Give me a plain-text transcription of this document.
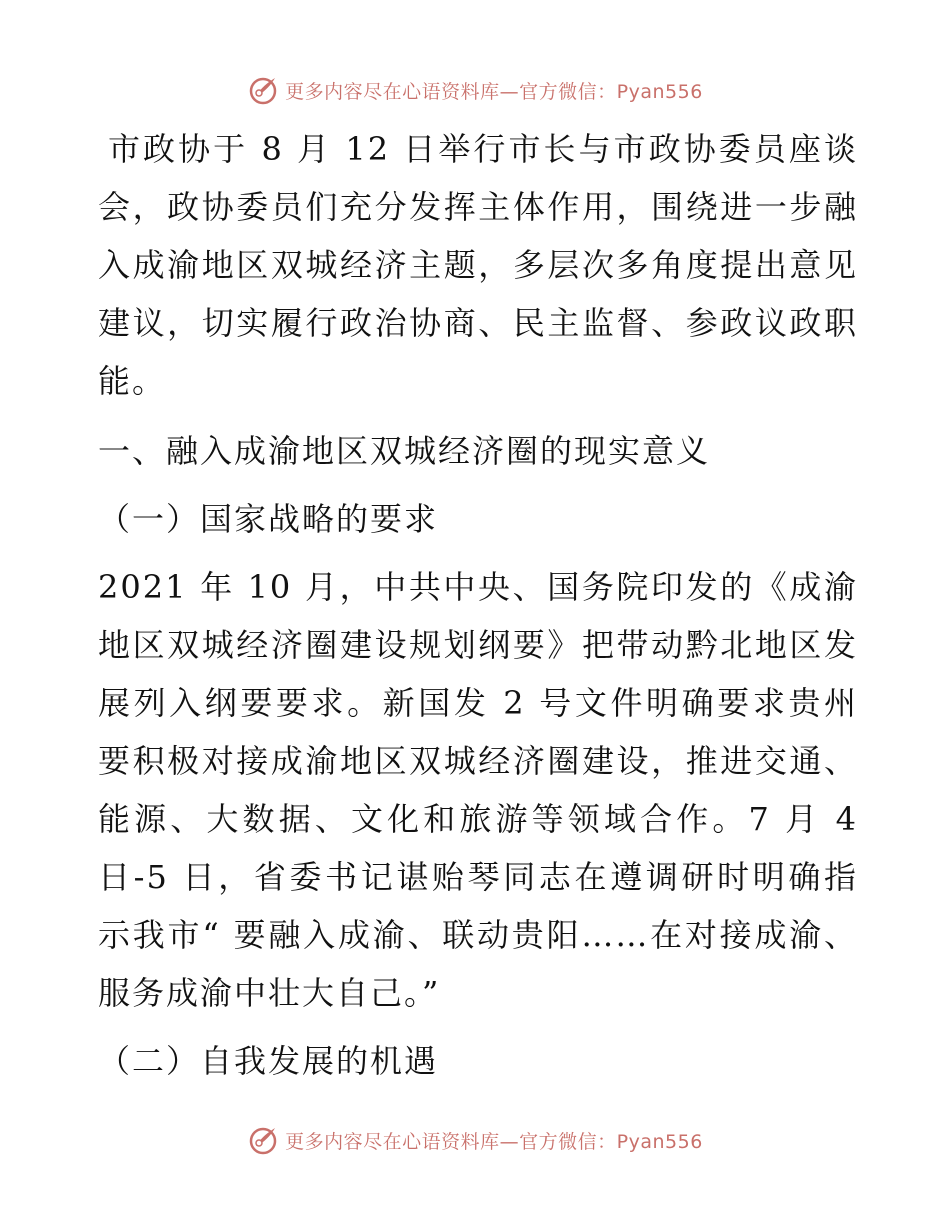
更多内容尽在心语资料库—官方微信：Pyan556

市政协于 8 月 12 日举行市长与市政协委员座谈会，政协委员们充分发挥主体作用，围绕进一步融入成渝地区双城经济主题，多层次多角度提出意见建议，切实履行政治协商、民主监督、参政议政职能。

一、融入成渝地区双城经济圈的现实意义

（一）国家战略的要求

2021 年 10 月，中共中央、国务院印发的《成渝地区双城经济圈建设规划纲要》把带动黔北地区发展列入纲要要求。新国发 2 号文件明确要求贵州要积极对接成渝地区双城经济圈建设，推进交通、能源、大数据、文化和旅游等领域合作。7 月 4 日-5 日，省委书记谌贻琴同志在遵调研时明确指示我市“ 要融入成渝、联动贵阳……在对接成渝、服务成渝中壮大自己。”

（二）自我发展的机遇

更多内容尽在心语资料库—官方微信：Pyan556
